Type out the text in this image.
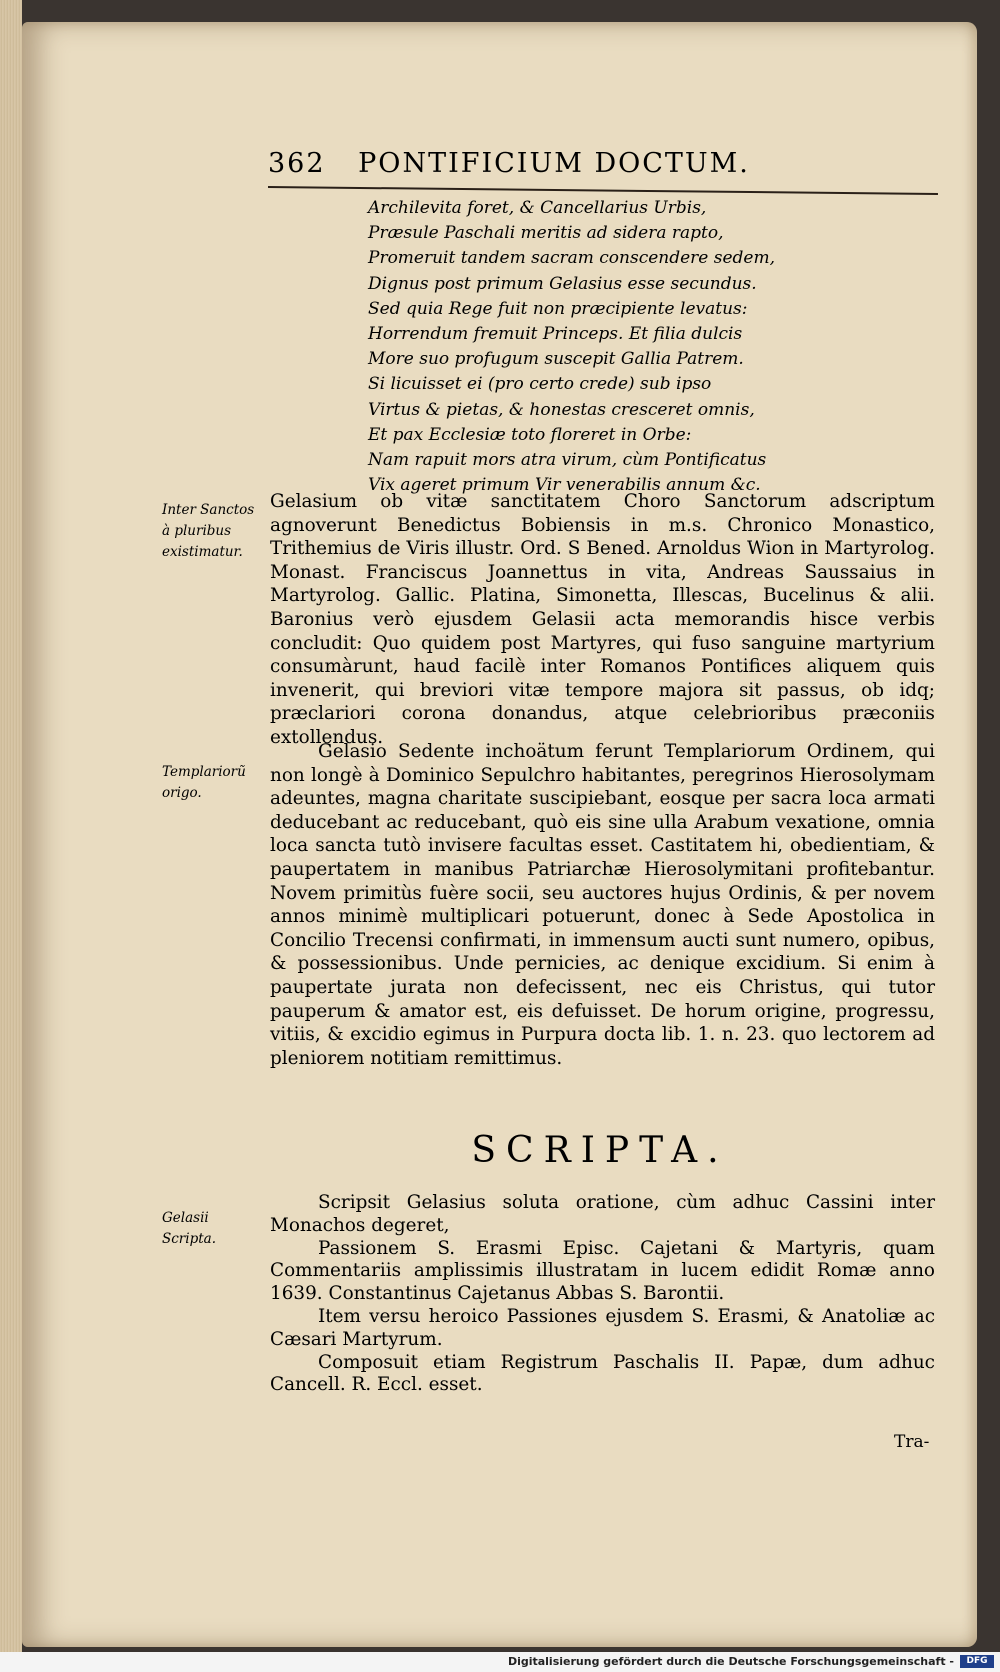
362 PONTIFICIUM DOCTUM.
Archilevita foret, & Cancellarius Urbis,
Præsule Paschali meritis ad sidera rapto,
Promeruit tandem sacram conscendere sedem,
Dignus post primum Gelasius esse secundus.
Sed quia Rege fuit non præcipiente levatus:
Horrendum fremuit Princeps. Et filia dulcis
More suo profugum suscepit Gallia Patrem.
Si licuisset ei (pro certo crede) sub ipso
Virtus & pietas, & honestas cresceret omnis,
Et pax Ecclesiæ toto floreret in Orbe:
Nam rapuit mors atra virum, cùm Pontificatus
Vix ageret primum Vir venerabilis annum &c.
Inter Sanctos à pluribus existimatur.

Gelasium ob vitæ sanctitatem Choro Sanctorum adscriptum agnoverunt Benedictus Bobiensis in m.s. Chronico Monastico, Trithemius de Viris illustr. Ord. S Bened. Arnoldus Wion in Martyrolog. Monast. Franciscus Joannettus in vita, Andreas Saussaius in Martyrolog. Gallic. Platina, Simonetta, Illescas, Bucelinus & alii. Baronius verò ejusdem Gelasii acta memorandis hisce verbis concludit: Quo quidem post Martyres, qui fuso sanguine martyrium consumàrunt, haud facilè inter Romanos Pontifices aliquem quis invenerit, qui breviori vitæ tempore majora sit passus, ob idq; præclariori corona donandus, atque celebrioribus præconiis extollendus.

Templariorũ origo.

Gelasio Sedente inchoätum ferunt Templariorum Ordinem, qui non longè à Dominico Sepulchro habitantes, peregrinos Hierosolymam adeuntes, magna charitate suscipiebant, eosque per sacra loca armati deducebant ac reducebant, quò eis sine ulla Arabum vexatione, omnia loca sancta tutò invisere facultas esset. Castitatem hi, obedientiam, & paupertatem in manibus Patriarchæ Hierosolymitani profitebantur. Novem primitùs fuère socii, seu auctores hujus Ordinis, & per novem annos minimè multiplicari potuerunt, donec à Sede Apostolica in Concilio Trecensi confirmati, in immensum aucti sunt numero, opibus, & possessionibus. Unde pernicies, ac denique excidium. Si enim à paupertate jurata non defecissent, nec eis Christus, qui tutor pauperum & amator est, eis defuisset. De horum origine, progressu, vitiis, & excidio egimus in Purpura docta lib. 1. n. 23. quo lectorem ad pleniorem notitiam remittimus.

SCRIPTA.
Gelasii Scripta.

Scripsit Gelasius soluta oratione, cùm adhuc Cassini inter Monachos degeret,

Passionem S. Erasmi Episc. Cajetani & Martyris, quam Commentariis amplissimis illustratam in lucem edidit Romæ anno 1639. Constantinus Cajetanus Abbas S. Barontii.

Item versu heroico Passiones ejusdem S. Erasmi, & Anatoliæ ac Cæsari Martyrum.

Composuit etiam Registrum Paschalis II. Papæ, dum adhuc Cancell. R. Eccl. esset.

Tra-
Digitalisierung gefördert durch die Deutsche Forschungsgemeinschaft -	DFG
